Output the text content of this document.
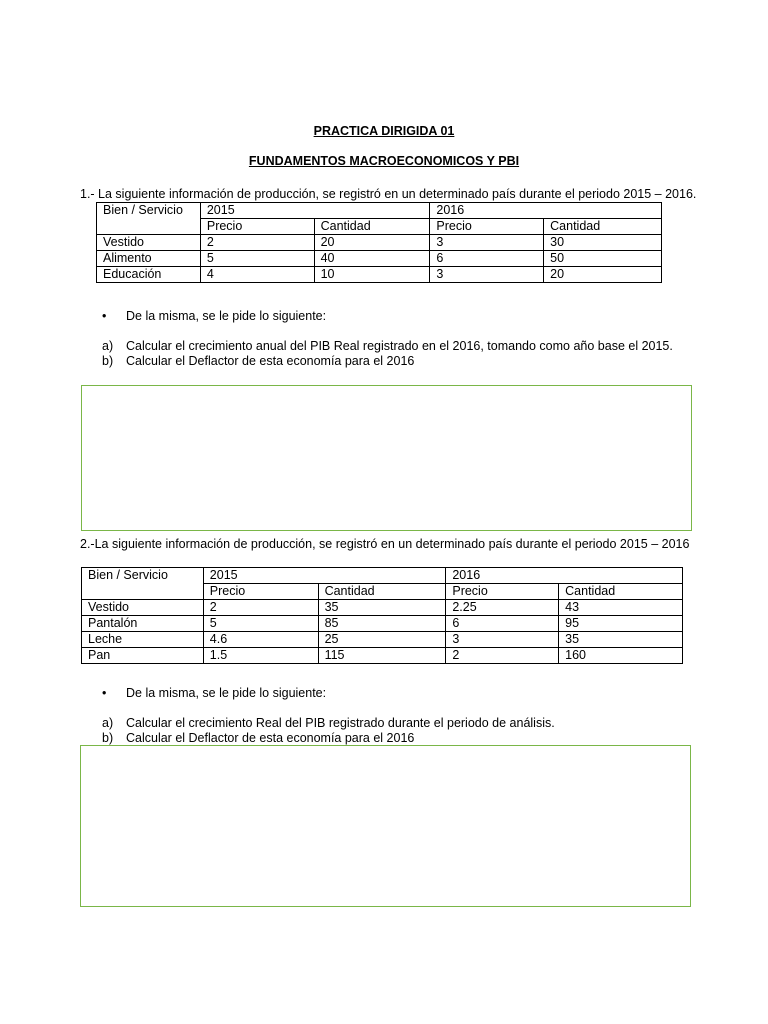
PRACTICA DIRIGIDA 01
FUNDAMENTOS MACROECONOMICOS Y PBI
1.- La siguiente información de producción, se registró en un determinado país durante el periodo 2015 – 2016.
Bien / Servicio	2015		2016	
	Precio	Cantidad	Precio	Cantidad
Vestido	2	20	3	30
Alimento	5	40	6	50
Educación	4	10	3	20
• De la misma, se le pide lo siguiente:
a) Calcular el crecimiento anual del PIB Real registrado en el 2016, tomando como año base el 2015.
b) Calcular el Deflactor de esta economía para el 2016
2.-La siguiente información de producción, se registró en un determinado país durante el periodo 2015 – 2016
Bien / Servicio	2015		2016	
	Precio	Cantidad	Precio	Cantidad
Vestido	2	35	2.25	43
Pantalón	5	85	6	95
Leche	4.6	25	3	35
Pan	1.5	115	2	160
• De la misma, se le pide lo siguiente:
a) Calcular el crecimiento Real del PIB registrado durante el periodo de análisis.
b) Calcular el Deflactor de esta economía para el 2016
